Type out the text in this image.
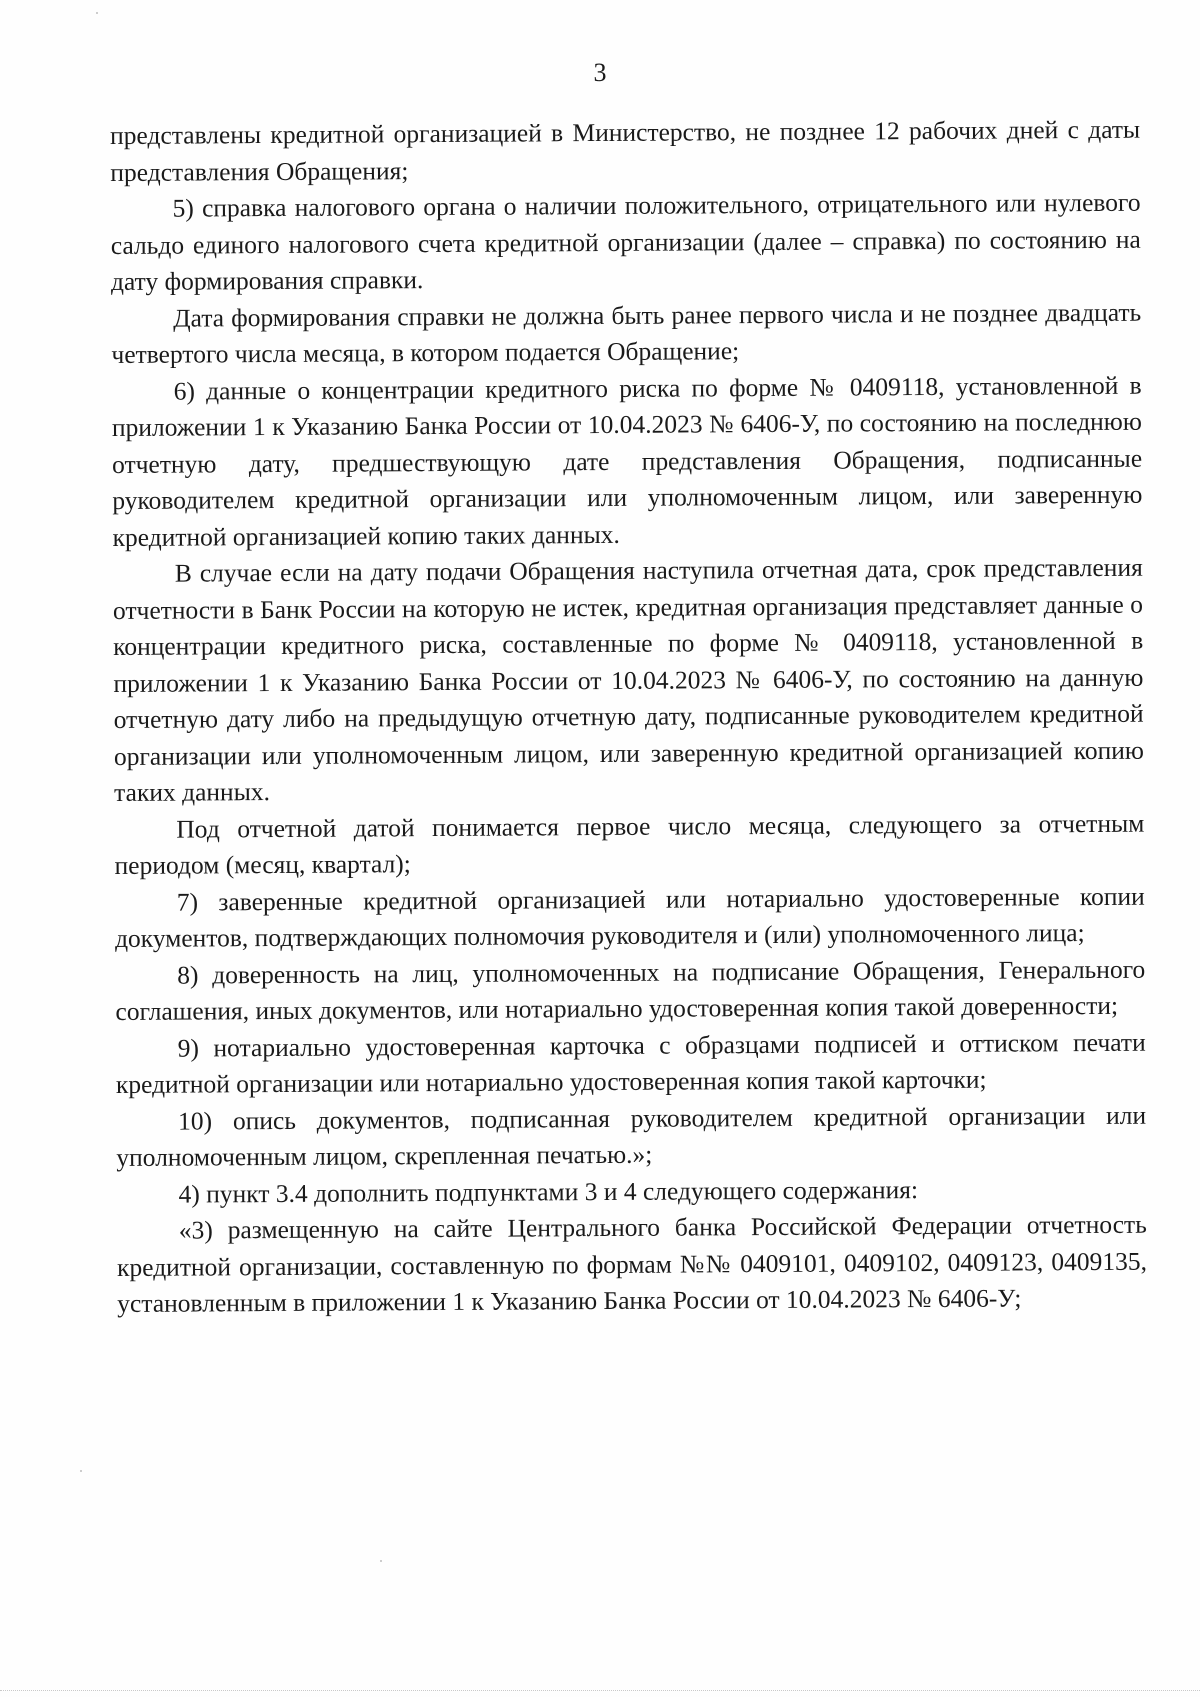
3

представлены кредитной организацией в Министерство, не позднее 12 рабочих дней с даты представления Обращения;

5) справка налогового органа о наличии положительного, отрицательного или нулевого сальдо единого налогового счета кредитной организации (далее – справка) по состоянию на дату формирования справки.

Дата формирования справки не должна быть ранее первого числа и не позднее двадцать четвертого числа месяца, в котором подается Обращение;

6) данные о концентрации кредитного риска по форме № 0409118, установленной в приложении 1 к Указанию Банка России от 10.04.2023 № 6406-У, по состоянию на последнюю отчетную дату, предшествующую дате представления Обращения, подписанные руководителем кредитной организации или уполномоченным лицом, или заверенную кредитной организацией копию таких данных.

В случае если на дату подачи Обращения наступила отчетная дата, срок представления отчетности в Банк России на которую не истек, кредитная организация представляет данные о концентрации кредитного риска, составленные по форме № 0409118, установленной в приложении 1 к Указанию Банка России от 10.04.2023 № 6406-У, по состоянию на данную отчетную дату либо на предыдущую отчетную дату, подписанные руководителем кредитной организации или уполномоченным лицом, или заверенную кредитной организацией копию таких данных.

Под отчетной датой понимается первое число месяца, следующего за отчетным периодом (месяц, квартал);

7) заверенные кредитной организацией или нотариально удостоверенные копии документов, подтверждающих полномочия руководителя и (или) уполномоченного лица;

8) доверенность на лиц, уполномоченных на подписание Обращения, Генерального соглашения, иных документов, или нотариально удостоверенная копия такой доверенности;

9) нотариально удостоверенная карточка с образцами подписей и оттиском печати кредитной организации или нотариально удостоверенная копия такой карточки;

10) опись документов, подписанная руководителем кредитной организации или уполномоченным лицом, скрепленная печатью.»;

4) пункт 3.4 дополнить подпунктами 3 и 4 следующего содержания:

«3) размещенную на сайте Центрального банка Российской Федерации отчетность кредитной организации, составленную по формам №№ 0409101, 0409102, 0409123, 0409135, установленным в приложении 1 к Указанию Банка России от 10.04.2023 № 6406-У;
